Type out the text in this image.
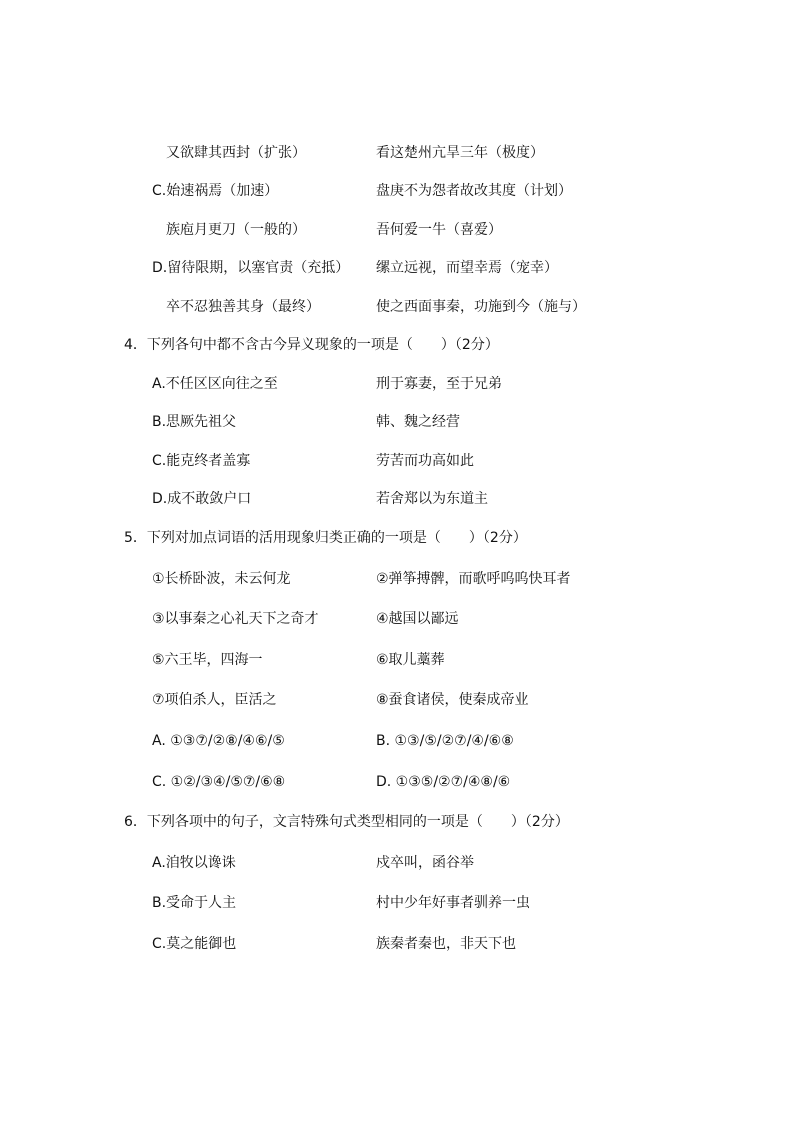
又欲肆其西封（扩张）	看这楚州亢旱三年（极度）
C.始速祸焉（加速）	盘庚不为怨者故改其度（计划）
族庖月更刀（一般的）	吾何爱一牛（喜爱）
D.留待限期，以塞官责（充抵） 缧立远视，而望幸焉（宠幸）
卒不忍独善其身（最终）	使之西面事秦，功施到今（施与）
4．下列各句中都不含古今异义现象的一项是（　　）（2分）
A.不任区区向往之至	刑于寡妻，至于兄弟
B.思厥先祖父	韩、魏之经营
C.能克终者盖寡	劳苦而功高如此
D.成不敢敛户口	若舍郑以为东道主
5．下列对加点词语的活用现象归类正确的一项是（　　）（2分）
①长桥卧波，未云何龙	②弹筝搏髀，而歌呼呜呜快耳者
③以事秦之心礼天下之奇才	④越国以鄙远
⑤六王毕，四海一	⑥取儿藁葬
⑦项伯杀人，臣活之	⑧蚕食诸侯，使秦成帝业
A. ①③⑦/②⑧/④⑥/⑤	B. ①③/⑤/②⑦/④/⑥⑧
C. ①②/③④/⑤⑦/⑥⑧	D. ①③⑤/②⑦/④⑧/⑥
6．下列各项中的句子，文言特殊句式类型相同的一项是（　　）（2分）
A.洎牧以谗诛	戍卒叫，函谷举
B.受命于人主	村中少年好事者驯养一虫
C.莫之能御也	族秦者秦也，非天下也
